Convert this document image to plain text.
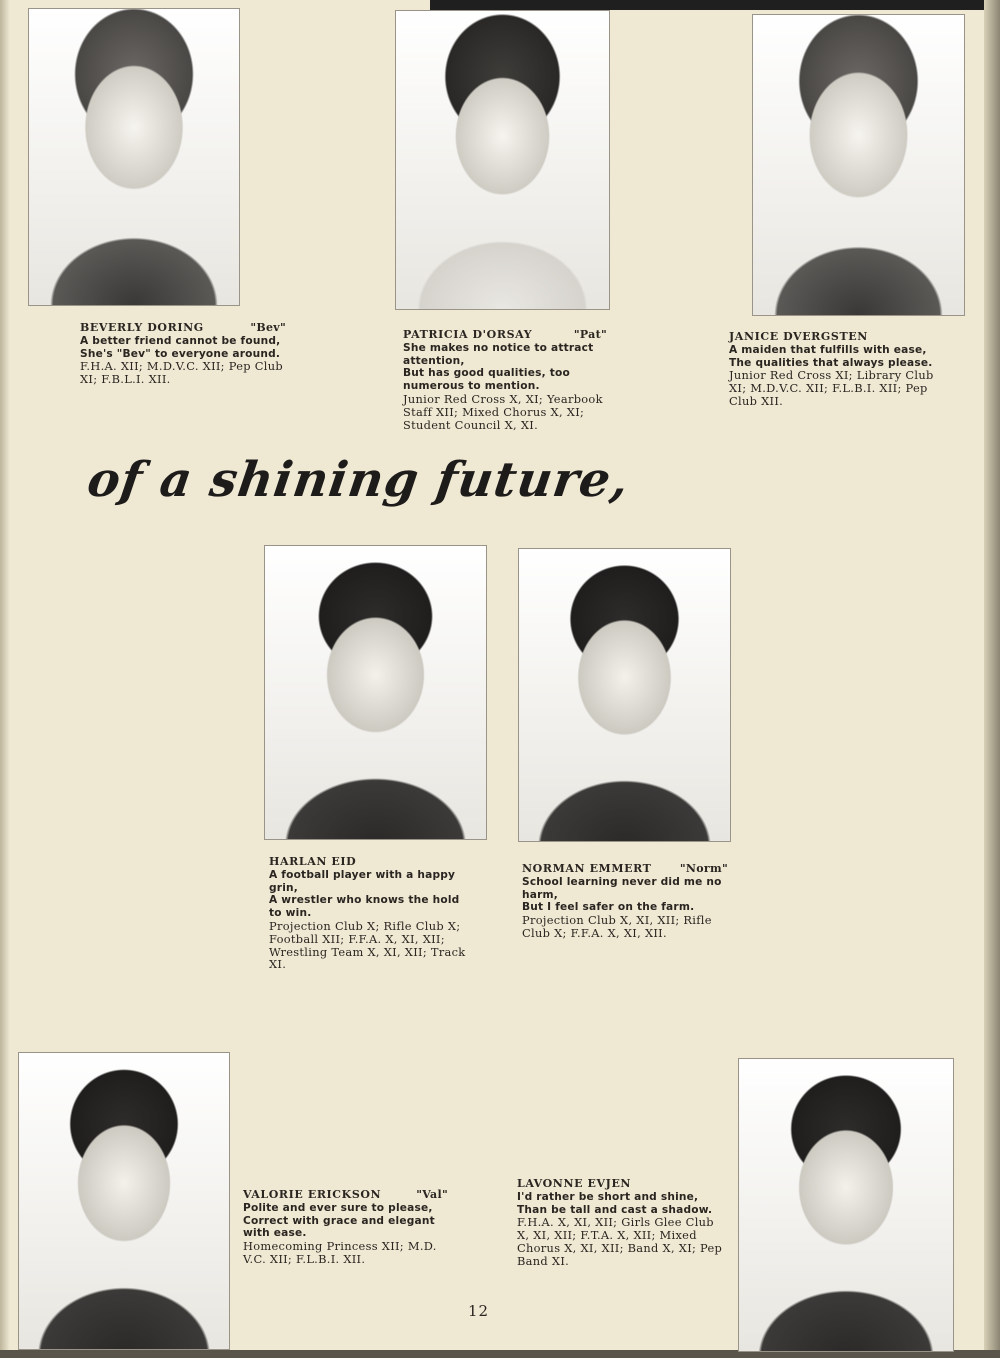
BEVERLY DORING	"Bev"

A better friend cannot be found,

She's "Bev" to everyone around.

F.H.A. XII; M.D.V.C. XII; Pep Club XI; F.B.L.I. XII.

PATRICIA D'ORSAY	"Pat"

She makes no notice to attract attention,

But has good qualities, too numerous to mention.

Junior Red Cross X, XI; Yearbook Staff XII; Mixed Chorus X, XI; Student Council X, XI.

JANICE DVERGSTEN

A maiden that fulfills with ease,

The qualities that always please.

Junior Red Cross XI; Library Club XI; M.D.V.C. XII; F.L.B.I. XII; Pep Club XII.

of a shining future,
HARLAN EID

A football player with a happy grin,

A wrestler who knows the hold to win.

Projection Club X; Rifle Club X; Football XII; F.F.A. X, XI, XII; Wrestling Team X, XI, XII; Track XI.

NORMAN EMMERT	"Norm"

School learning never did me no harm,

But I feel safer on the farm.

Projection Club X, XI, XII; Rifle Club X; F.F.A. X, XI, XII.

VALORIE ERICKSON	"Val"

Polite and ever sure to please,

Correct with grace and elegant with ease.

Homecoming Princess XII; M.D. V.C. XII; F.L.B.I. XII.

LAVONNE EVJEN

I'd rather be short and shine,

Than be tall and cast a shadow.

F.H.A. X, XI, XII; Girls Glee Club X, XI, XII; F.T.A. X, XII; Mixed Chorus X, XI, XII; Band X, XI; Pep Band XI.

12
